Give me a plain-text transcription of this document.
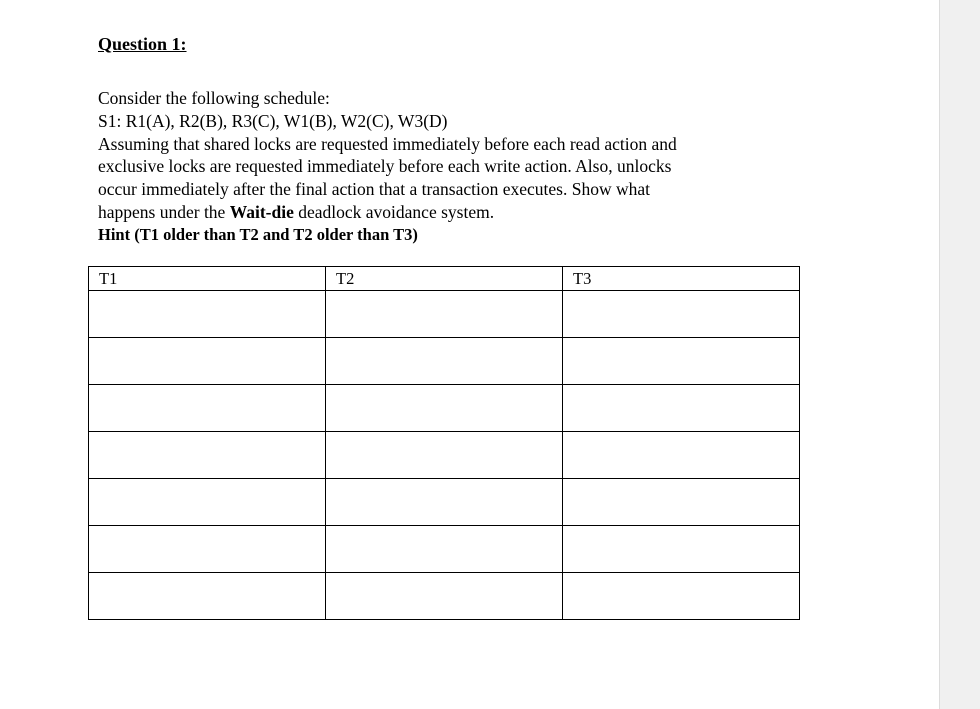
Question 1:
Consider the following schedule:
S1: R1(A), R2(B), R3(C), W1(B), W2(C), W3(D)
Assuming that shared locks are requested immediately before each read action and
exclusive locks are requested immediately before each write action. Also, unlocks
occur immediately after the final action that a transaction executes. Show what
happens under the Wait-die deadlock avoidance system.
Hint (T1 older than T2 and T2 older than T3)
T1	T2	T3
